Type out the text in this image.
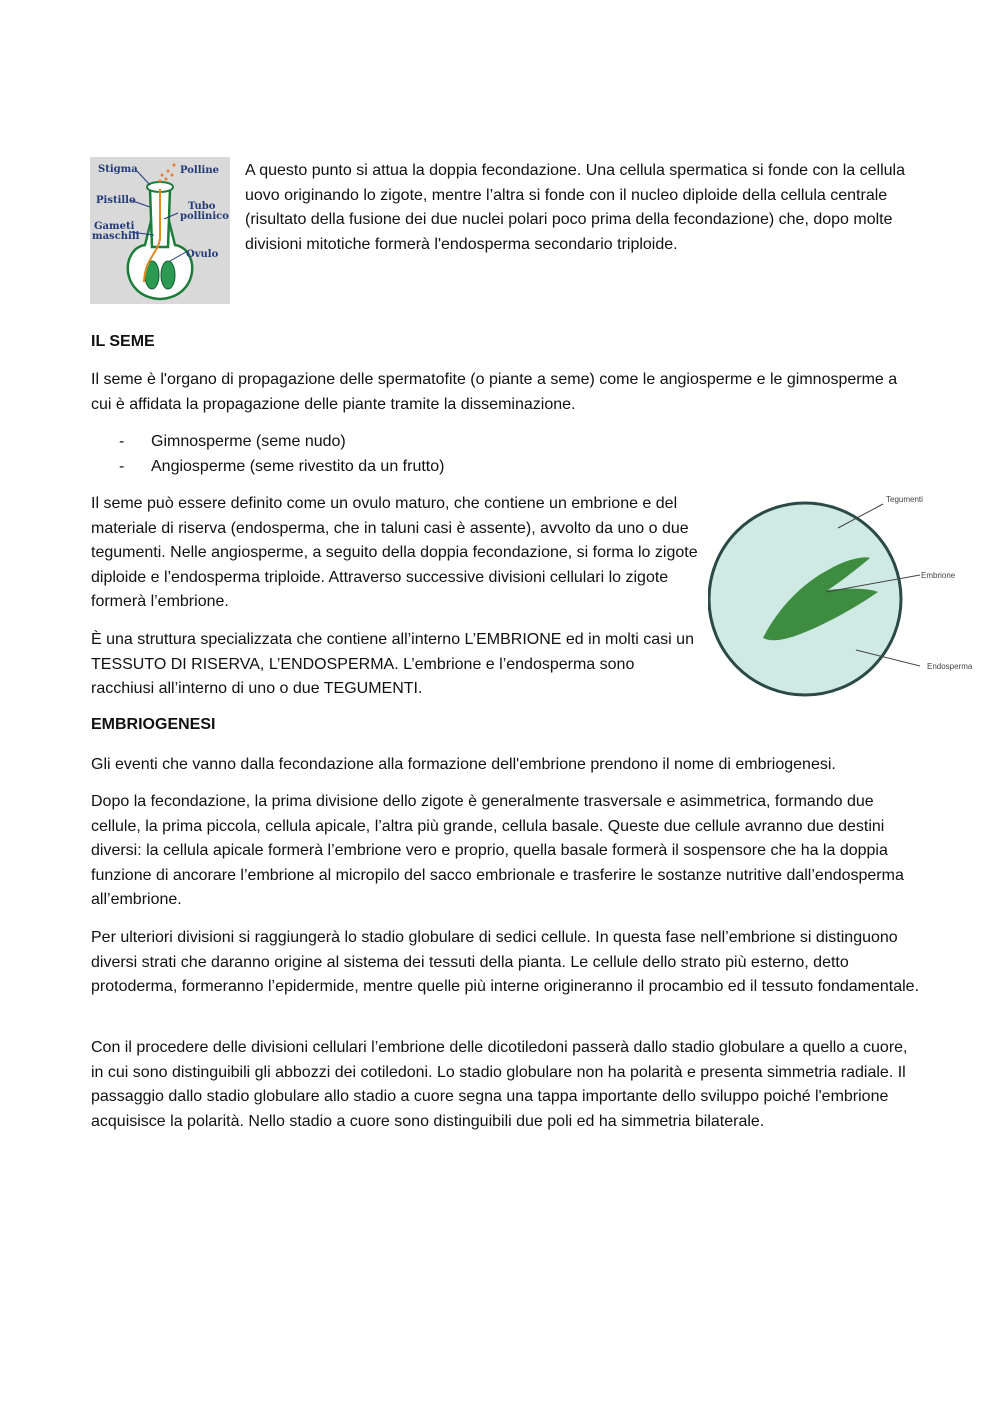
Stigma	Polline
Pistillo
Tubo
pollinico
Gameti
maschili
Ovulo
A questo punto si attua la doppia fecondazione. Una cellula spermatica si fonde con la cellula uovo originando lo zigote, mentre l’altra si fonde con il nucleo diploide della cellula centrale (risultato della fusione dei due nuclei polari poco prima della fecondazione) che, dopo molte divisioni mitotiche formerà l'endosperma secondario triploide.
IL SEME
Il seme è l'organo di propagazione delle spermatofite (o piante a seme) come le angiosperme e le gimnosperme a cui è affidata la propagazione delle piante tramite la disseminazione.
- Gimnosperme (seme nudo)
- Angiosperme (seme rivestito da un frutto)
Il seme può essere definito come un ovulo maturo, che contiene un embrione e del materiale di riserva (endosperma, che in taluni casi è assente), avvolto da uno o due tegumenti. Nelle angiosperme, a seguito della doppia fecondazione, si forma lo zigote diploide e l’endosperma triploide. Attraverso successive divisioni cellulari lo zigote formerà l’embrione.
È una struttura specializzata che contiene all’interno L’EMBRIONE ed in molti casi un TESSUTO DI RISERVA, L’ENDOSPERMA. L’embrione e l’endosperma sono racchiusi all’interno di uno o due TEGUMENTI.
Tegumenti
Embrione
Endosperma
EMBRIOGENESI
Gli eventi che vanno dalla fecondazione alla formazione dell'embrione prendono il nome di embriogenesi.
Dopo la fecondazione, la prima divisione dello zigote è generalmente trasversale e asimmetrica, formando due cellule, la prima piccola, cellula apicale, l’altra più grande, cellula basale. Queste due cellule avranno due destini diversi: la cellula apicale formerà l’embrione vero e proprio, quella basale formerà il sospensore che ha la doppia funzione di ancorare l’embrione al micropilo del sacco embrionale e trasferire le sostanze nutritive dall’endosperma all’embrione.
Per ulteriori divisioni si raggiungerà lo stadio globulare di sedici cellule. In questa fase nell’embrione si distinguono diversi strati che daranno origine al sistema dei tessuti della pianta. Le cellule dello strato più esterno, detto protoderma, formeranno l’epidermide, mentre quelle più interne origineranno il procambio ed il tessuto fondamentale.
Con il procedere delle divisioni cellulari l’embrione delle dicotiledoni passerà dallo stadio globulare a quello a cuore, in cui sono distinguibili gli abbozzi dei cotiledoni. Lo stadio globulare non ha polarità e presenta simmetria radiale. Il passaggio dallo stadio globulare allo stadio a cuore segna una tappa importante dello sviluppo poiché l'embrione acquisisce la polarità. Nello stadio a cuore sono distinguibili due poli ed ha simmetria bilaterale.
